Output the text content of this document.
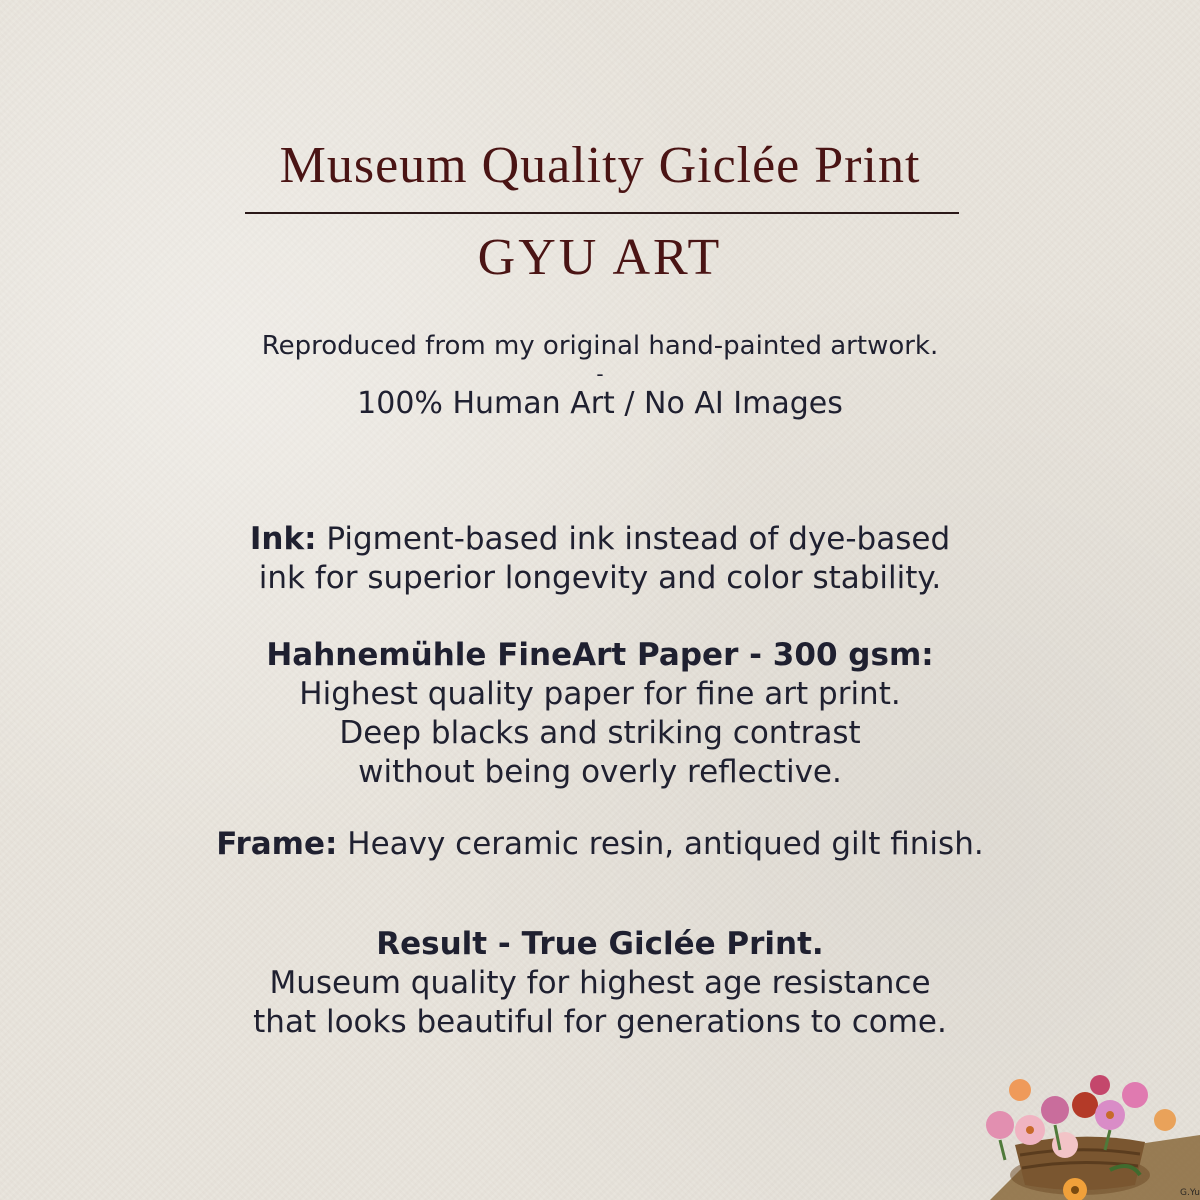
Museum Quality Giclée Print
GYU ART
Reproduced from my original hand-painted artwork.
-
100% Human Art / No AI Images
Ink: Pigment-based ink instead of dye-based
ink for superior longevity and color stability.
Hahnemühle FineArt Paper - 300 gsm:
Highest quality paper for fine art print.
Deep blacks and striking contrast
without being overly reflective.
Frame: Heavy ceramic resin, antiqued gilt finish.
Result - True Giclée Print.
Museum quality for highest age resistance
that looks beautiful for generations to come.
G.Yu
